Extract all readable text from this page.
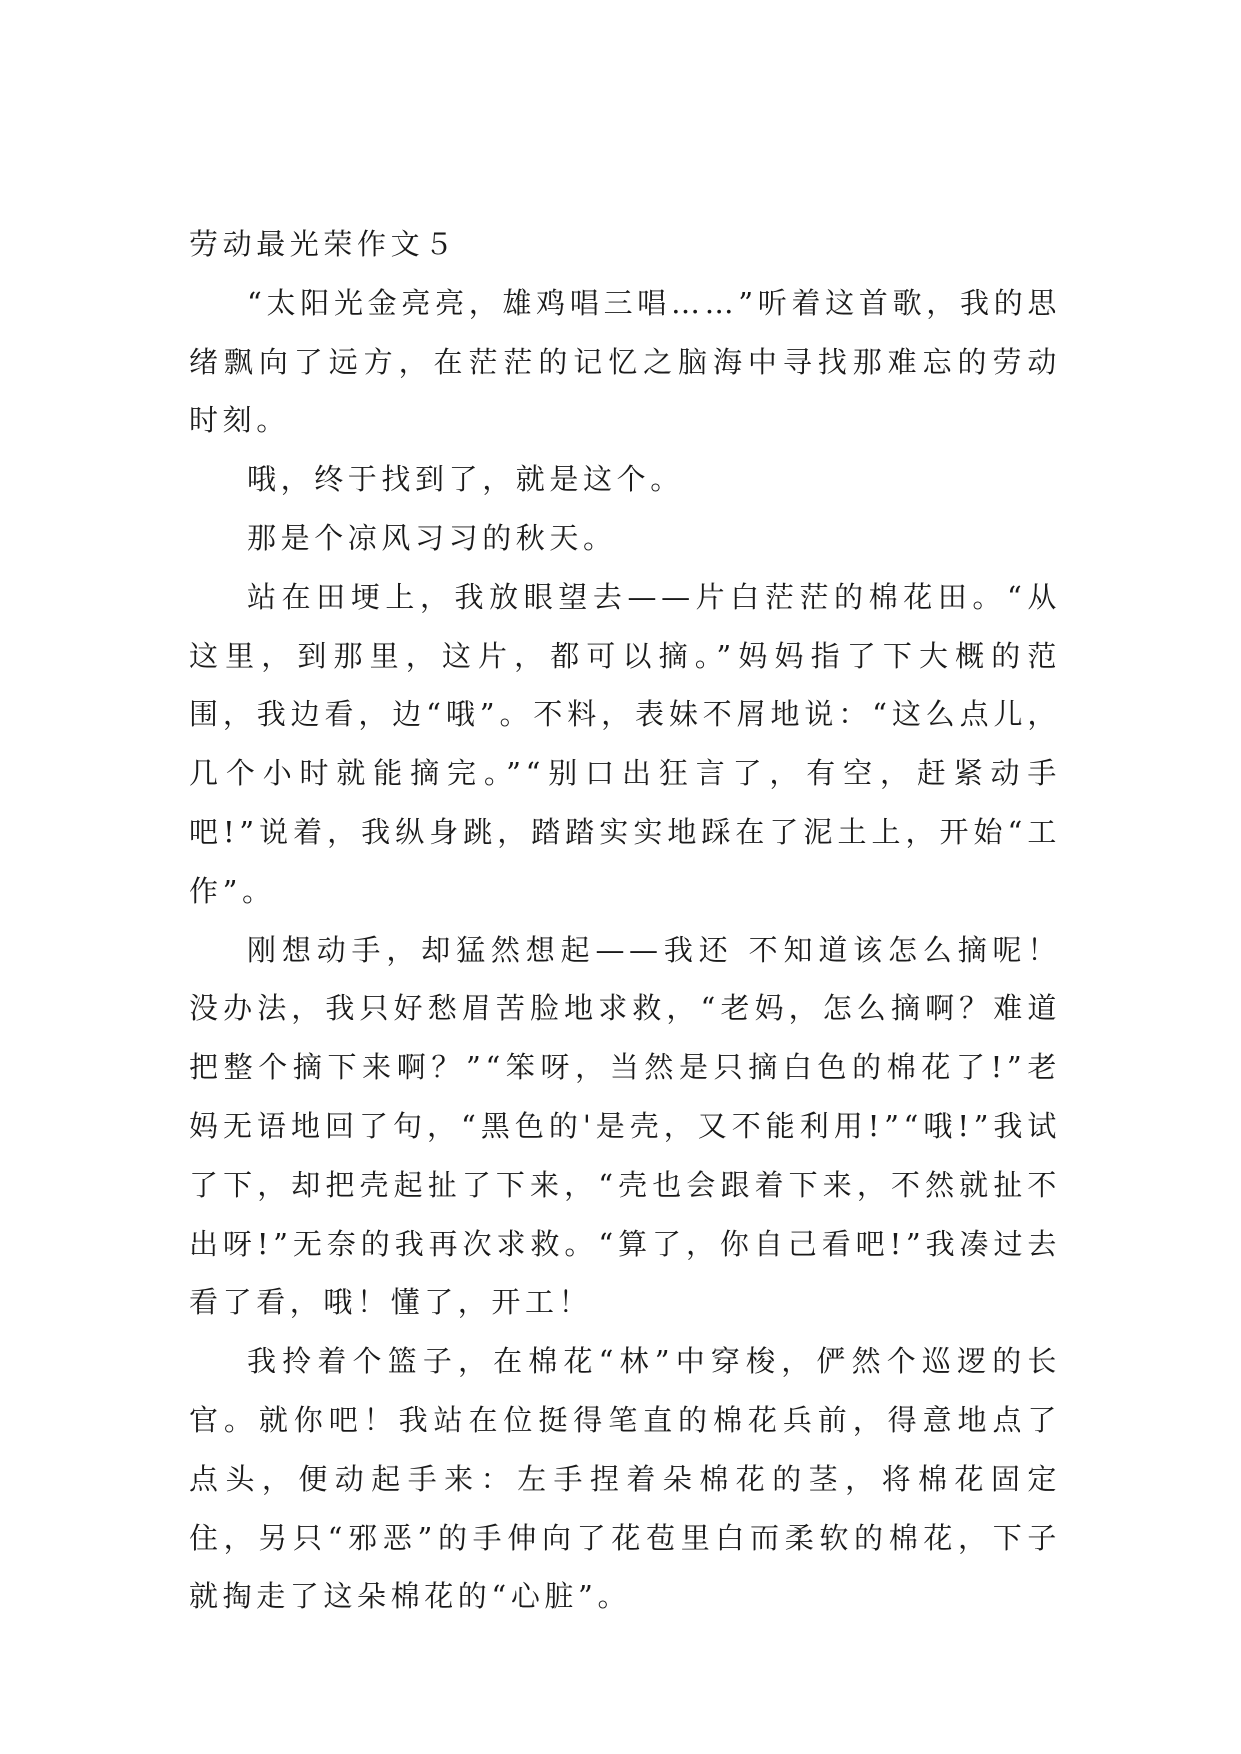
劳动最光荣作文５

“太阳光金亮亮，雄鸡唱三唱……”听着这首歌，我的思绪飘向了远方，在茫茫的记忆之脑海中寻找那难忘的劳动时刻。

哦，终于找到了，就是这个。

那是个凉风习习的秋天。

站在田埂上，我放眼望去——片白茫茫的棉花田。“从这里，到那里，这片，都可以摘。”妈妈指了下大概的范围，我边看，边“哦”。不料，表妹不屑地说：“这么点儿，几个小时就能摘完。”“别口出狂言了，有空，赶紧动手吧!”说着，我纵身跳，踏踏实实地踩在了泥土上，开始“工作”。

刚想动手，却猛然想起——我还 不知道该怎么摘呢！没办法，我只好愁眉苦脸地求救，“老妈，怎么摘啊？难道把整个摘下来啊？”“笨呀，当然是只摘白色的棉花了!”老妈无语地回了句，“黑色的'是壳，又不能利用!”“哦!”我试了下，却把壳起扯了下来，“壳也会跟着下来，不然就扯不出呀!”无奈的我再次求救。“算了，你自己看吧!”我凑过去看了看，哦！懂了，开工！

我拎着个篮子，在棉花“林”中穿梭，俨然个巡逻的长官。就你吧！我站在位挺得笔直的棉花兵前，得意地点了点头，便动起手来：左手捏着朵棉花的茎，将棉花固定住，另只“邪恶”的手伸向了花苞里白而柔软的棉花，下子就掏走了这朵棉花的“心脏”。
